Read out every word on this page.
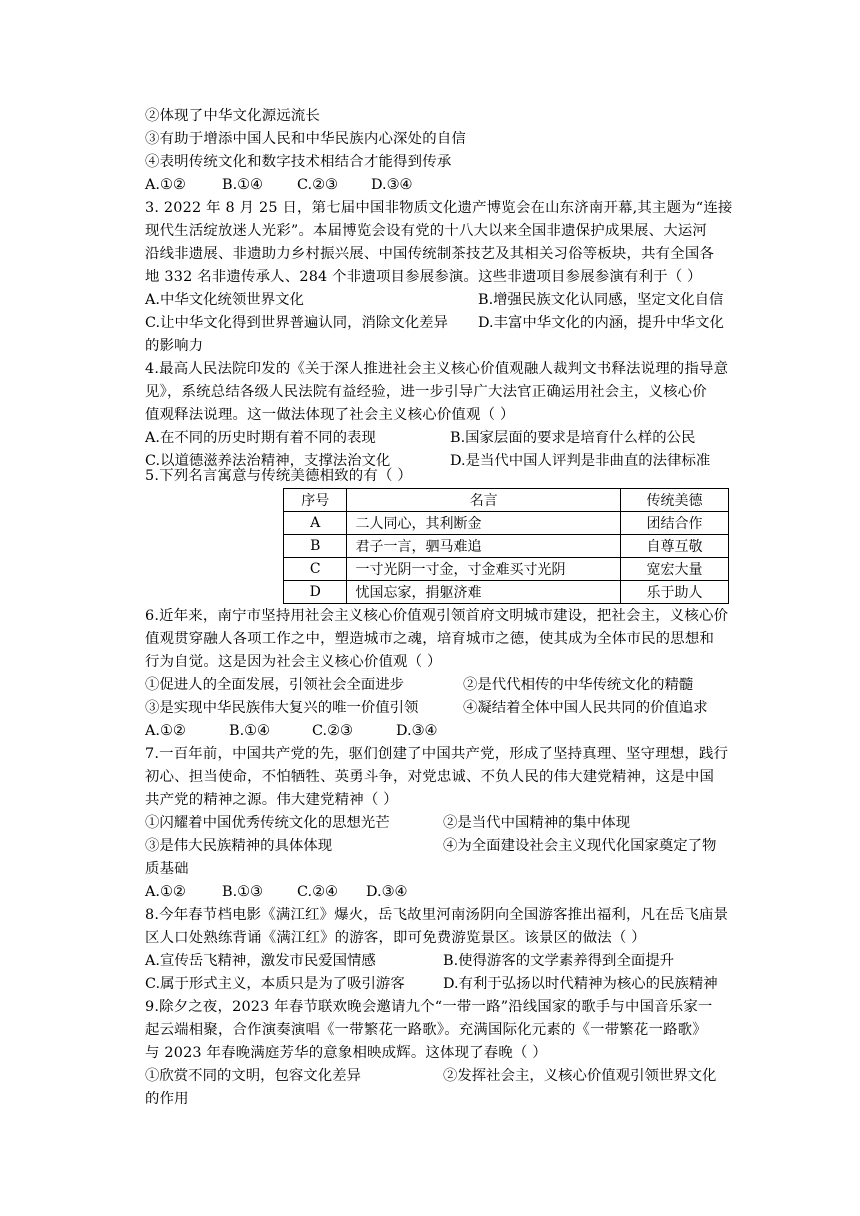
②体现了中华文化源远流长
③有助于增添中国人民和中华民族内心深处的自信
④表明传统文化和数字技术相结合才能得到传承
A.①②	B.①④ C.②③ D.③④
3. 2022 年 8 月 25 日，第七届中国非物质文化遗产博览会在山东济南开幕,其主题为“连接
现代生活绽放迷人光彩”。本届博览会设有党的十八大以来全国非遗保护成果展、大运河
沿线非遗展、非遗助力乡村振兴展、中国传统制茶技艺及其相关习俗等板块，共有全国各
地 332 名非遗传承人、284 个非遗项目参展参演。这些非遗项目参展参演有利于（ ）
A.中华文化统领世界文化	B.增强民族文化认同感，坚定文化自信
C.让中华文化得到世界普遍认同，消除文化差异 D.丰富中华文化的内涵，提升中华文化
的影响力
4.最高人民法院印发的《关于深人推进社会主义核心价值观融人裁判文书释法说理的指导意
见》，系统总结各级人民法院有益经验，进一步引导广大法官正确运用社会主，义核心价
值观释法说理。这一做法体现了社会主义核心价值观（ ）
A.在不同的历史时期有着不同的表现	B.国家层面的要求是培育什么样的公民
C.以道德滋养法治精神，支撑法治文化	D.是当代中国人评判是非曲直的法律标准
5.下列名言寓意与传统美德相致的有（ ）
序号	名言	传统美德
A	二人同心，其利断金	团结合作
B	君子一言，驷马难追	自尊互敬
C	一寸光阴一寸金，寸金难买寸光阴	宽宏大量
D	忧国忘家，捐躯济难	乐于助人
6.近年来，南宁市坚持用社会主义核心价值观引领首府文明城市建设，把社会主，义核心价
值观贯穿融人各项工作之中，塑造城市之魂，培育城市之德，使其成为全体市民的思想和
行为自觉。这是因为社会主义核心价值观（ ）
①促进人的全面发展，引领社会全面进步	②是代代相传的中华传统文化的精髓
③是实现中华民族伟大复兴的唯一价值引领	④凝结着全体中国人民共同的价值追求
A.①②	B.①④	C.②③	D.③④
7.一百年前，中国共产党的先，驱们创建了中国共产党，形成了坚持真理、坚守理想，践行
初心、担当使命，不怕牺牲、英勇斗争，对党忠诚、不负人民的伟大建党精神，这是中国
共产党的精神之源。伟大建党精神（ ）
①闪耀着中国优秀传统文化的思想光芒	②是当代中国精神的集中体现
③是伟大民族精神的具体体现	④为全面建设社会主义现代化国家奠定了物
质基础
A.①②	B.①③ C.②④ D.③④
8.今年春节档电影《满江红》爆火，岳飞故里河南汤阴向全国游客推出福利，凡在岳飞庙景
区人口处熟练背诵《满江红》的游客，即可免费游览景区。该景区的做法（ ）
A.宣传岳飞精神，激发市民爱国情感	B.使得游客的文学素养得到全面提升
C.属于形式主义，本质只是为了吸引游客	D.有利于弘扬以时代精神为核心的民族精神
9.除夕之夜，2023 年春节联欢晚会邀请九个“一带一路”沿线国家的歌手与中国音乐家一
起云端相聚，合作演奏演唱《一带繁花一路歌》。充满国际化元素的《一带繁花一路歌》
与 2023 年春晚满庭芳华的意象相映成辉。这体现了春晚（ ）
①欣赏不同的文明，包容文化差异	②发挥社会主，义核心价值观引领世界文化
的作用
